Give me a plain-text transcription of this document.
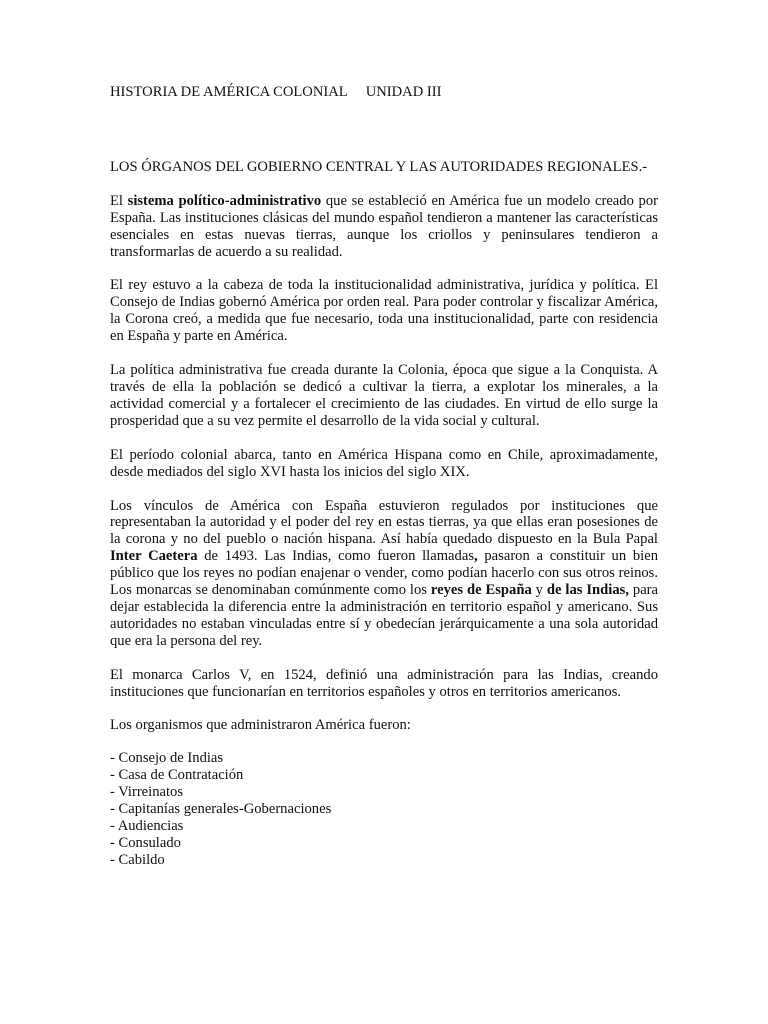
HISTORIA DE AMÉRICA COLONIAL UNIDAD III
LOS ÓRGANOS DEL GOBIERNO CENTRAL Y LAS AUTORIDADES REGIONALES.-

El sistema político-administrativo que se estableció en América fue un modelo creado por España. Las instituciones clásicas del mundo español tendieron a mantener las características esenciales en estas nuevas tierras, aunque los criollos y peninsulares tendieron a transformarlas de acuerdo a su realidad.

El rey estuvo a la cabeza de toda la institucionalidad administrativa, jurídica y política. El Consejo de Indias gobernó América por orden real. Para poder controlar y fiscalizar América, la Corona creó, a medida que fue necesario, toda una institucionalidad, parte con residencia en España y parte en América.

La política administrativa fue creada durante la Colonia, época que sigue a la Conquista. A través de ella la población se dedicó a cultivar la tierra, a explotar los minerales, a la actividad comercial y a fortalecer el crecimiento de las ciudades. En virtud de ello surge la prosperidad que a su vez permite el desarrollo de la vida social y cultural.

El período colonial abarca, tanto en América Hispana como en Chile, aproximadamente, desde mediados del siglo XVI hasta los inicios del siglo XIX.

Los vínculos de América con España estuvieron regulados por instituciones que representaban la autoridad y el poder del rey en estas tierras, ya que ellas eran posesiones de la corona y no del pueblo o nación hispana. Así había quedado dispuesto en la Bula Papal Inter Caetera de 1493. Las Indias, como fueron llamadas, pasaron a constituir un bien público que los reyes no podían enajenar o vender, como podían hacerlo con sus otros reinos. Los monarcas se denominaban comúnmente como los reyes de España y de las Indias, para dejar establecida la diferencia entre la administración en territorio español y americano. Sus autoridades no estaban vinculadas entre sí y obedecían jerárquicamente a una sola autoridad que era la persona del rey.

El monarca Carlos V, en 1524, definió una administración para las Indias, creando instituciones que funcionarían en territorios españoles y otros en territorios americanos.

Los organismos que administraron América fueron:

- Consejo de Indias
- Casa de Contratación
- Virreinatos
- Capitanías generales-Gobernaciones
- Audiencias
- Consulado
- Cabildo
